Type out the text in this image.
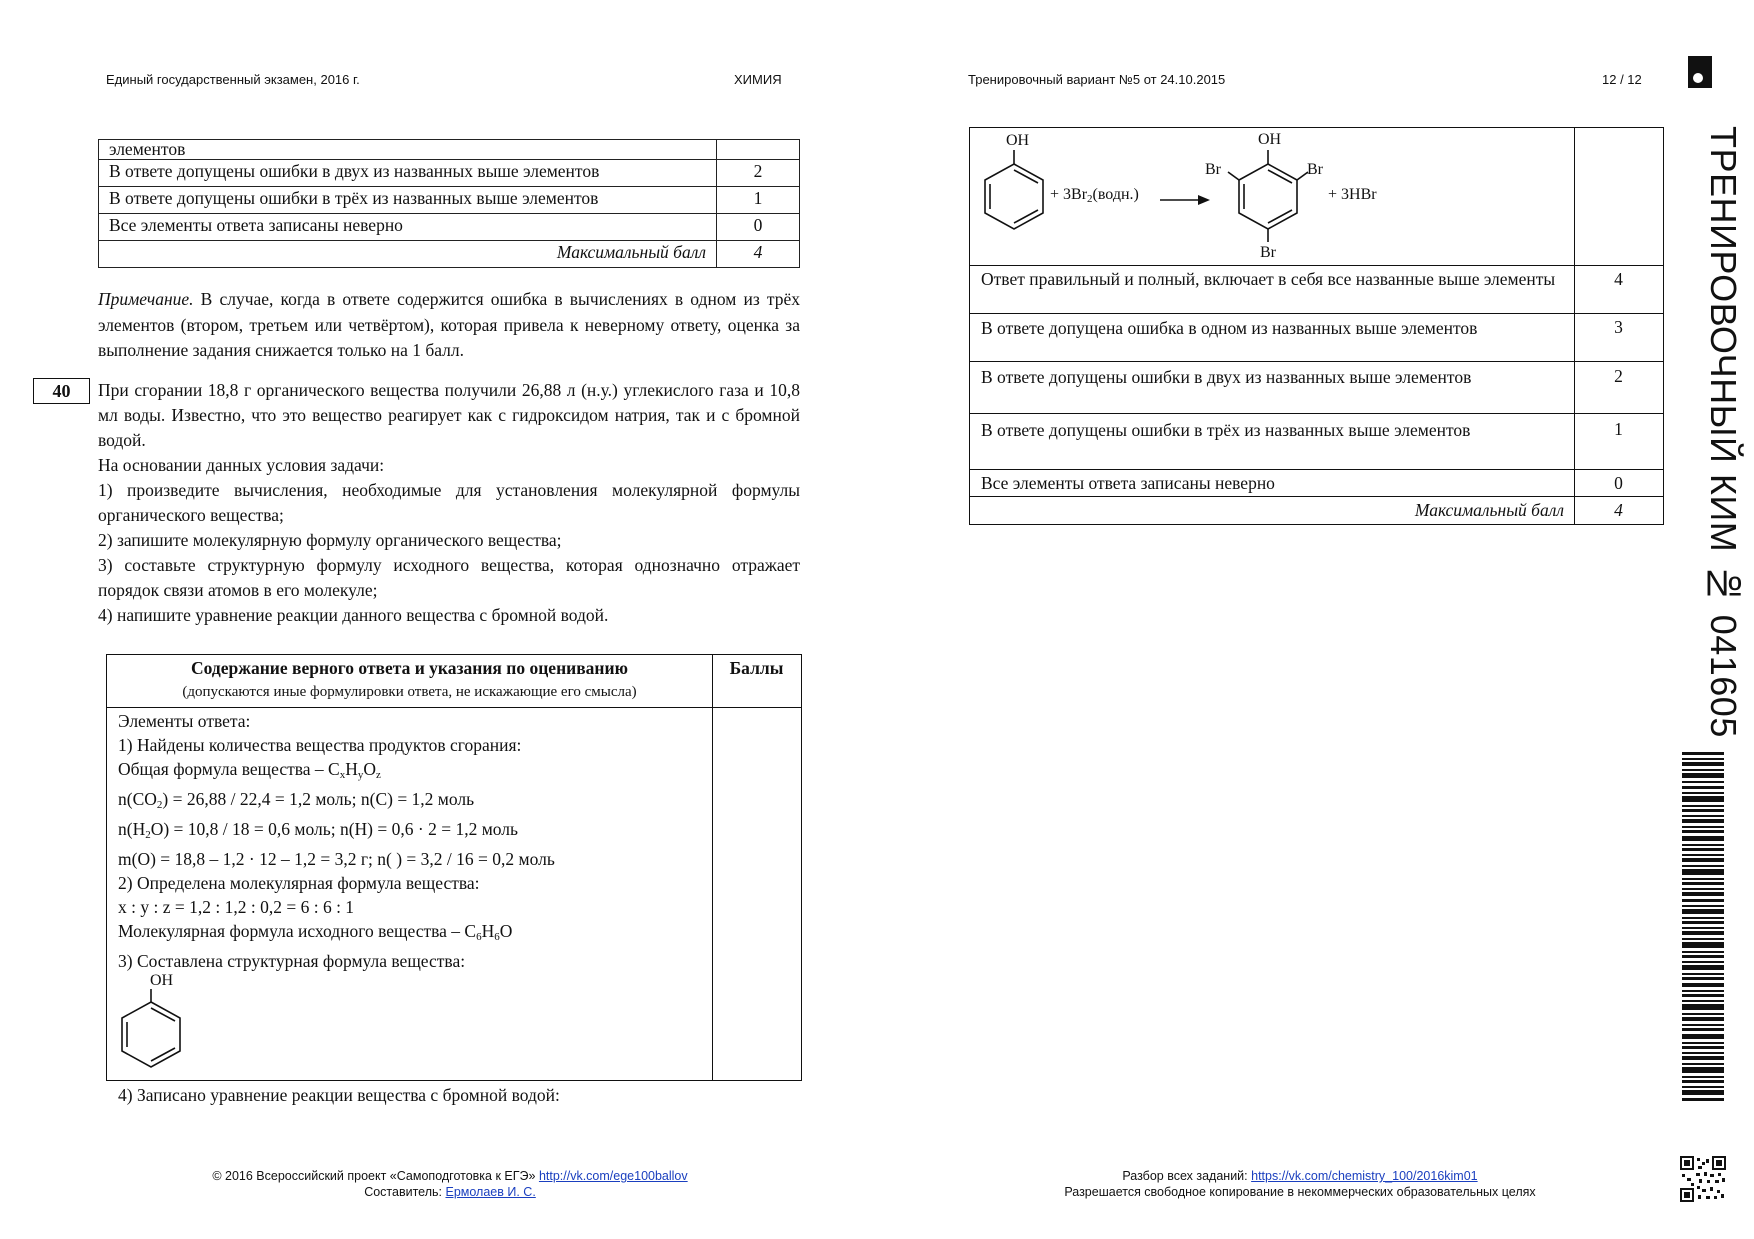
Единый государственный экзамен, 2016 г.	ХИМИЯ	Тренировочный вариант №5 от 24.10.2015	12 / 12
ТРЕНИРОВОЧНЫЙ КИМ № 041605
элементов	
В ответе допущены ошибки в двух из названных выше элементов	2
В ответе допущены ошибки в трёх из названных выше элементов	1
Все элементы ответа записаны неверно	0
Максимальный балл	4
Примечание. В случае, когда в ответе содержится ошибка в вычислениях в одном из трёх элементов (втором, третьем или четвёртом), которая привела к неверному ответу, оценка за выполнение задания снижается только на 1 балл.
40	При сгорании 18,8 г органического вещества получили 26,88 л (н.у.) углекислого газа и 10,8 мл воды. Известно, что это вещество реагирует как с гидроксидом натрия, так и с бромной водой.

На основании данных условия задачи:

1) произведите вычисления, необходимые для установления молекулярной формулы органического вещества;

2) запишите молекулярную формулу органического вещества;

3) составьте структурную формулу исходного вещества, которая однозначно отражает порядок связи атомов в его молекуле;

4) напишите уравнение реакции данного вещества с бромной водой.

Содержание верного ответа и указания по оцениванию
(допускаются иные формулировки ответа, не искажающие его смысла)
Баллы
Элементы ответа:
1) Найдены количества вещества продуктов сгорания:
Общая формула вещества – $C_xH_yO_z$
$n(CO_2) = 26,88 / 22,4 = 1,2$ моль; n(C) = 1,2 моль
$n(H_2O) = 10,8 / 18 = 0,6$ моль; n(H) = 0,6 · 2 = 1,2 моль
m(O) = 18,8 – 1,2 · 12 – 1,2 = 3,2 г; n( ) = 3,2 / 16 = 0,2 моль
2) Определена молекулярная формула вещества:
x : y : z = 1,2 : 1,2 : 0,2 = 6 : 6 : 1
Молекулярная формула исходного вещества – $C_6H_6O$
3) Составлена структурная формула вещества:
OH
4) Записано уравнение реакции вещества с бромной водой:
OH
+ $3Br_2(водн.)$ →
OH
Br	Br
Br
+ 3HBr
Ответ правильный и полный, включает в себя все названные выше элементы	4
В ответе допущена ошибка в одном из названных выше элементов	3
В ответе допущены ошибки в двух из названных выше элементов	2
В ответе допущены ошибки в трёх из названных выше элементов	1
Все элементы ответа записаны неверно	0
Максимальный балл	4
© 2016 Всероссийский проект «Самоподготовка к ЕГЭ» http://vk.com/ege100ballov
Составитель: Ермолаев И. С.
Разбор всех заданий: https://vk.com/chemistry_100/2016kim01
Разрешается свободное копирование в некоммерческих образовательных целях
